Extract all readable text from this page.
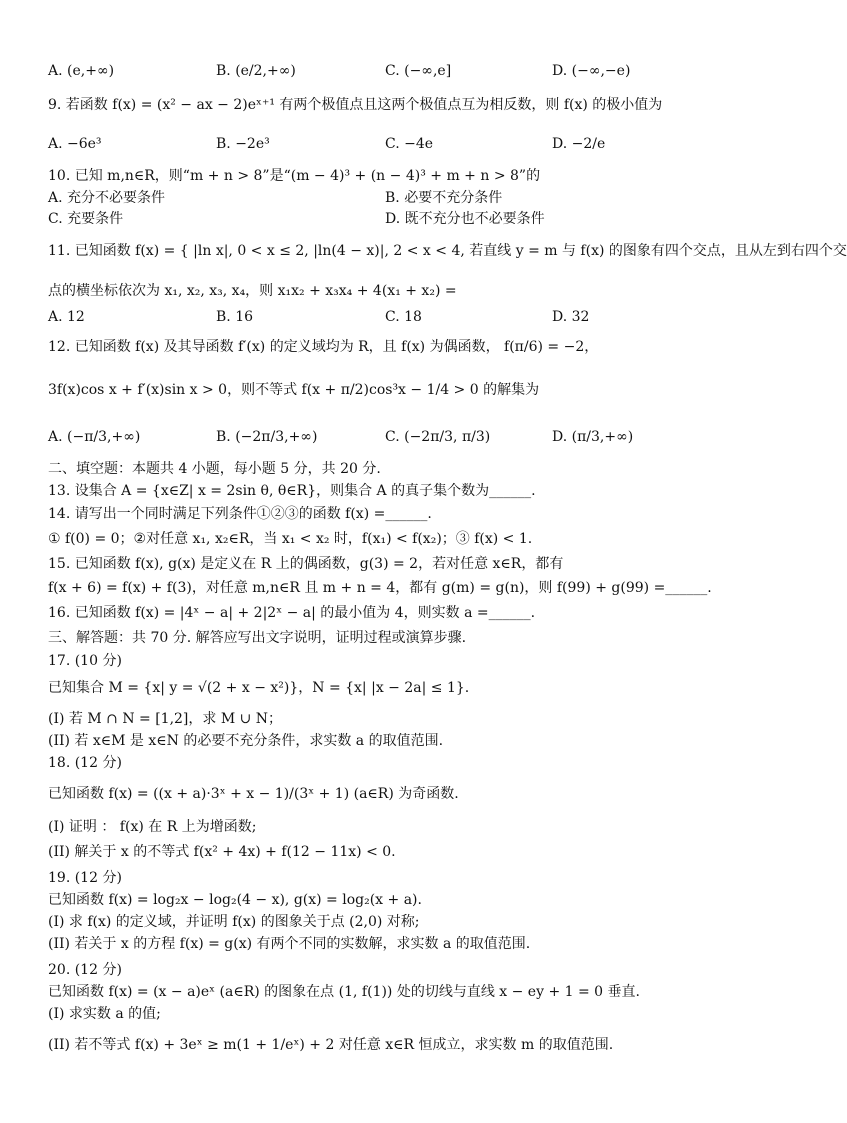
A. (e,+∞)	B. (e/2,+∞)	C. (−∞,e]	D. (−∞,−e)
9. 若函数 f(x) = (x² − ax − 2)eˣ⁺¹ 有两个极值点且这两个极值点互为相反数，则 f(x) 的极小值为
A. −6e³	B. −2e³	C. −4e	D. −2/e
10. 已知 m,n∈R，则“m + n > 8”是“(m − 4)³ + (n − 4)³ + m + n > 8”的
A. 充分不必要条件	B. 必要不充分条件
C. 充要条件	D. 既不充分也不必要条件
11. 已知函数 f(x) = { |ln x|, 0 < x ≤ 2, |ln(4 − x)|, 2 < x < 4, 若直线 y = m 与 f(x) 的图象有四个交点，且从左到右四个交
点的横坐标依次为 x₁, x₂, x₃, x₄，则 x₁x₂ + x₃x₄ + 4(x₁ + x₂) =
A. 12	B. 16	C. 18	D. 32
12. 已知函数 f(x) 及其导函数 f′(x) 的定义域均为 R，且 f(x) 为偶函数， f(π/6) = −2，
3f(x)cos x + f′(x)sin x > 0，则不等式 f(x + π/2)cos³x − 1/4 > 0 的解集为
A. (−π/3,+∞)	B. (−2π/3,+∞)	C. (−2π/3, π/3)	D. (π/3,+∞)
二、填空题：本题共 4 小题，每小题 5 分，共 20 分.
13. 设集合 A = {x∈Z| x = 2sin θ, θ∈R}，则集合 A 的真子集个数为______.
14. 请写出一个同时满足下列条件①②③的函数 f(x) =______.
① f(0) = 0；②对任意 x₁, x₂∈R，当 x₁ < x₂ 时，f(x₁) < f(x₂)；③ f(x) < 1.
15. 已知函数 f(x), g(x) 是定义在 R 上的偶函数，g(3) = 2，若对任意 x∈R，都有
f(x + 6) = f(x) + f(3)，对任意 m,n∈R 且 m + n = 4，都有 g(m) = g(n)，则 f(99) + g(99) =______.
16. 已知函数 f(x) = |4ˣ − a| + 2|2ˣ − a| 的最小值为 4，则实数 a =______.
三、解答题：共 70 分. 解答应写出文字说明，证明过程或演算步骤.
17. (10 分)
已知集合 M = {x| y = √(2 + x − x²)}，N = {x| |x − 2a| ≤ 1}.
(I) 若 M ∩ N = [1,2]，求 M ∪ N；
(II) 若 x∈M 是 x∈N 的必要不充分条件，求实数 a 的取值范围.
18. (12 分)
已知函数 f(x) = ((x + a)·3ˣ + x − 1)/(3ˣ + 1) (a∈R) 为奇函数.
(I) 证明 ： f(x) 在 R 上为增函数;
(II) 解关于 x 的不等式 f(x² + 4x) + f(12 − 11x) < 0.
19. (12 分)
已知函数 f(x) = log₂x − log₂(4 − x), g(x) = log₂(x + a).
(I) 求 f(x) 的定义域，并证明 f(x) 的图象关于点 (2,0) 对称;
(II) 若关于 x 的方程 f(x) = g(x) 有两个不同的实数解，求实数 a 的取值范围.
20. (12 分)
已知函数 f(x) = (x − a)eˣ (a∈R) 的图象在点 (1, f(1)) 处的切线与直线 x − ey + 1 = 0 垂直.
(I) 求实数 a 的值;
(II) 若不等式 f(x) + 3eˣ ≥ m(1 + 1/eˣ) + 2 对任意 x∈R 恒成立，求实数 m 的取值范围.
